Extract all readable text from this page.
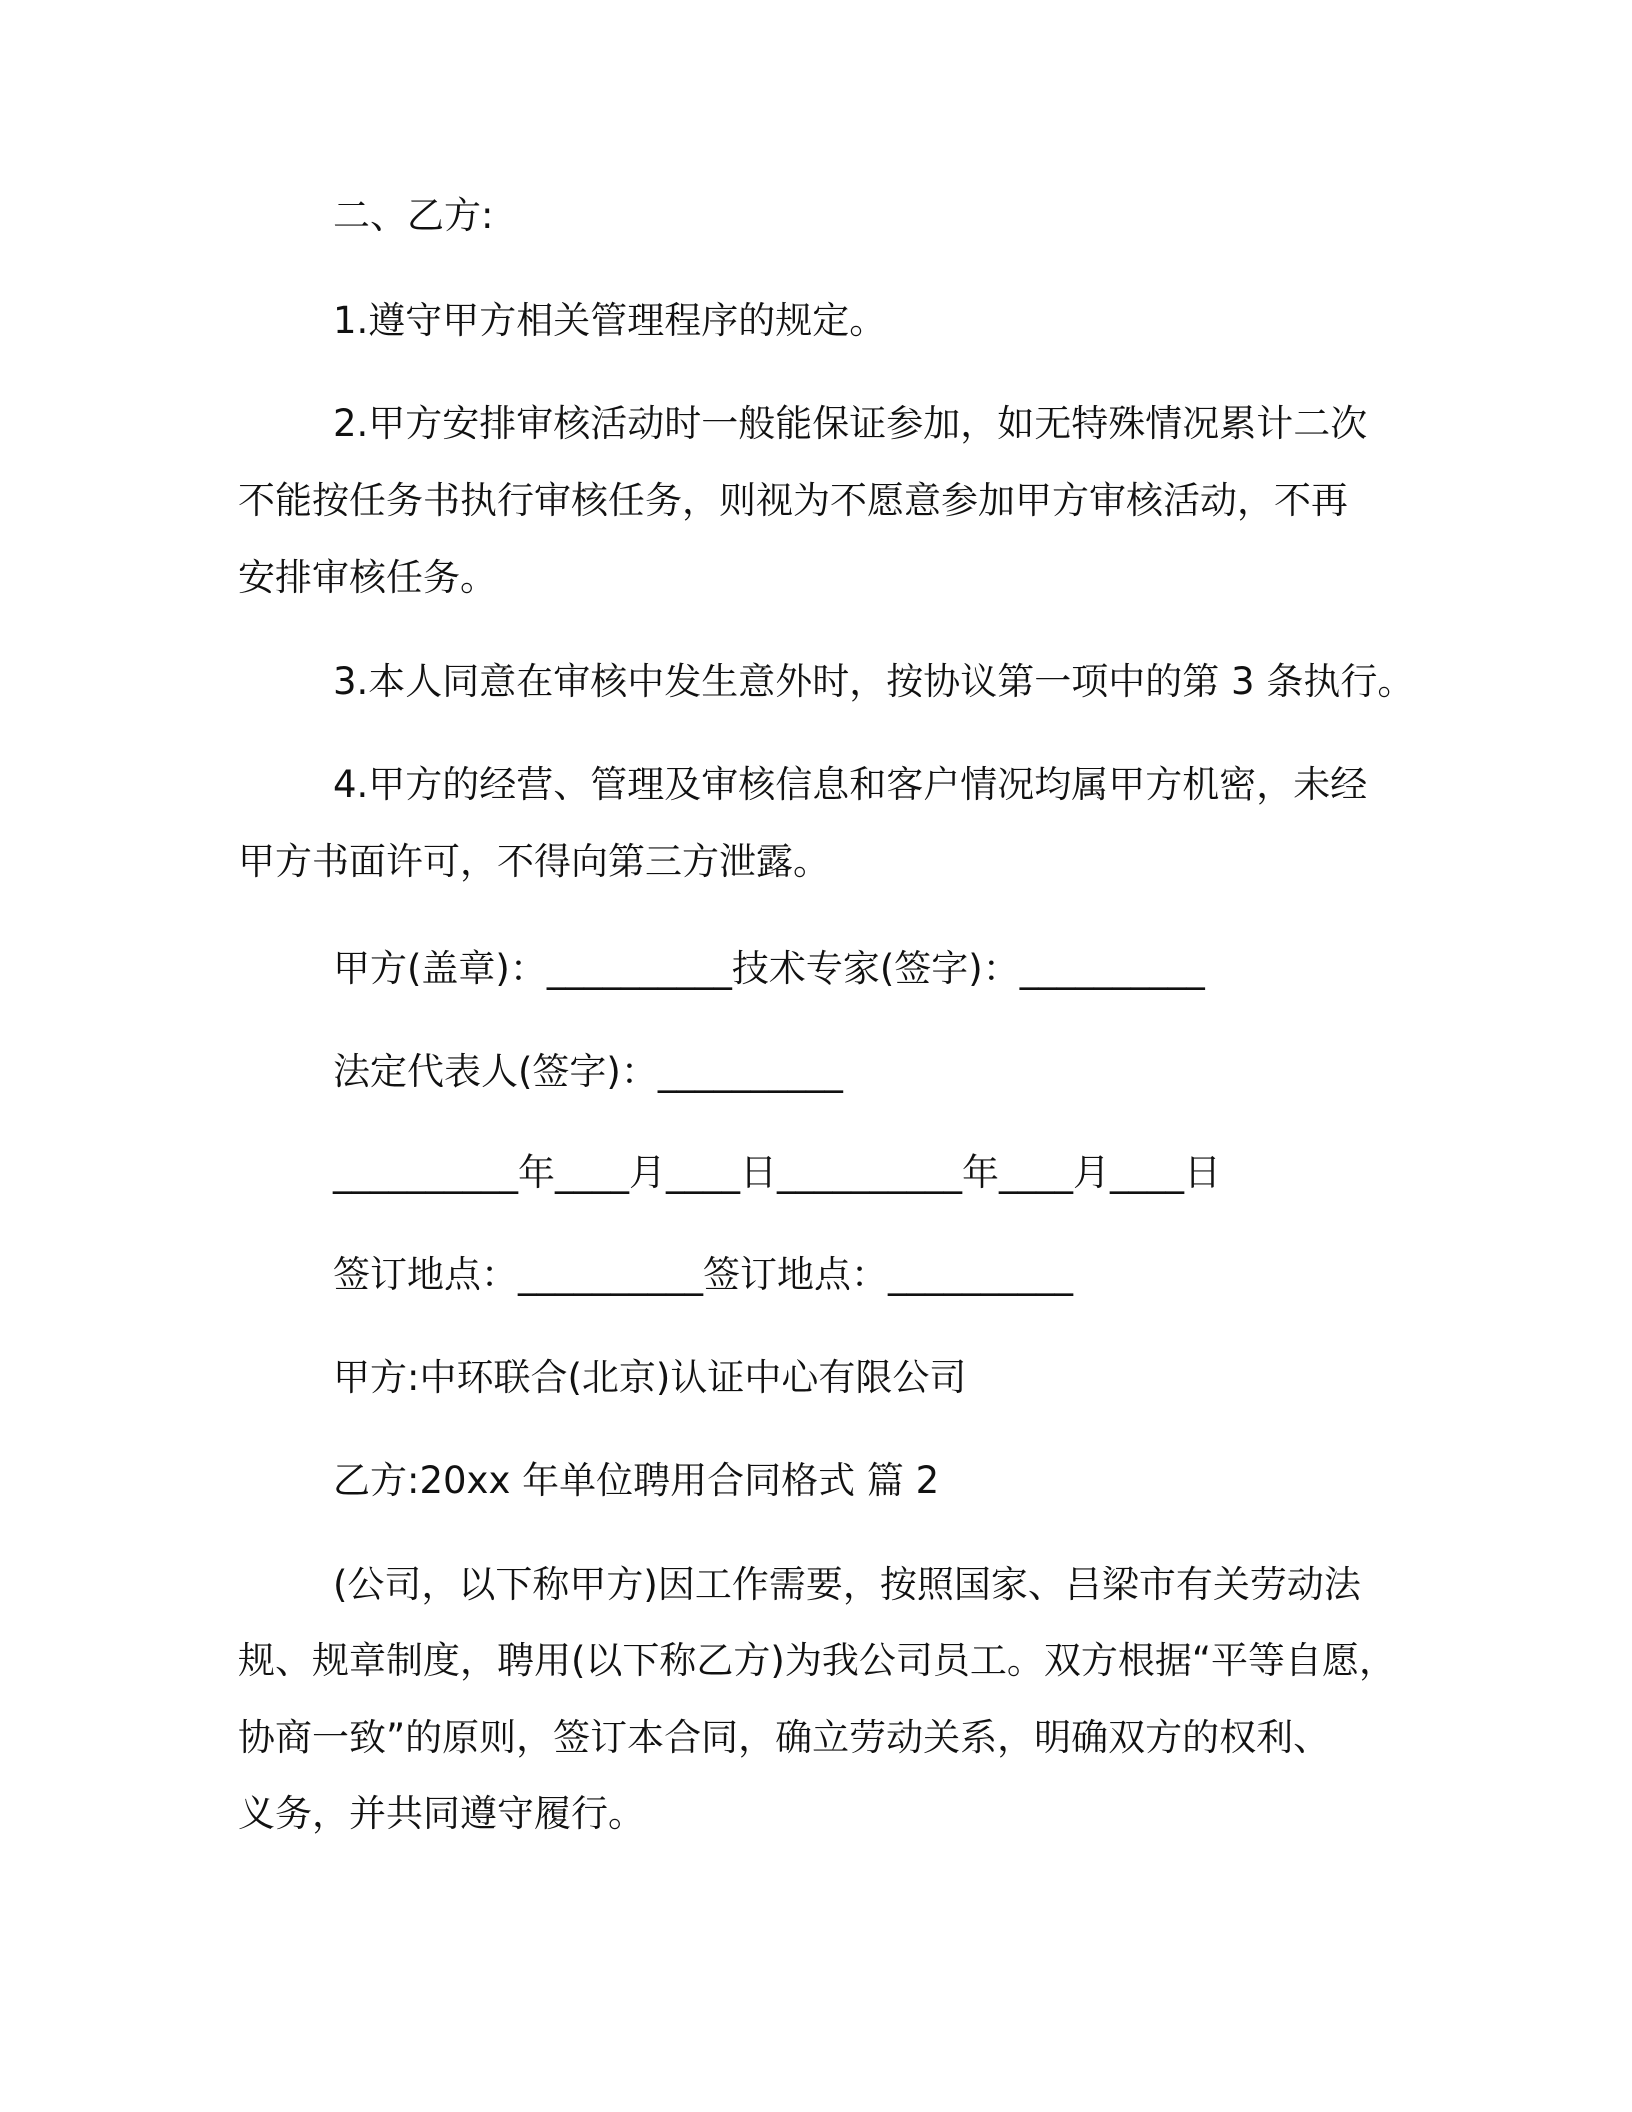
二、乙方:
1.遵守甲方相关管理程序的规定。
2.甲方安排审核活动时一般能保证参加，如无特殊情况累计二次
不能按任务书执行审核任务，则视为不愿意参加甲方审核活动，不再
安排审核任务。
3.本人同意在审核中发生意外时，按协议第一项中的第 3 条执行。
4.甲方的经营、管理及审核信息和客户情况均属甲方机密，未经
甲方书面许可，不得向第三方泄露。
甲方(盖章)：__________技术专家(签字)：__________
法定代表人(签字)：__________
__________年____月____日__________年____月____日
签订地点：__________签订地点：__________
甲方:中环联合(北京)认证中心有限公司
乙方:20xx 年单位聘用合同格式 篇 2
(公司，以下称甲方)因工作需要，按照国家、吕梁市有关劳动法
规、规章制度，聘用(以下称乙方)为我公司员工。双方根据“平等自愿，
协商一致”的原则，签订本合同，确立劳动关系，明确双方的权利、
义务，并共同遵守履行。
